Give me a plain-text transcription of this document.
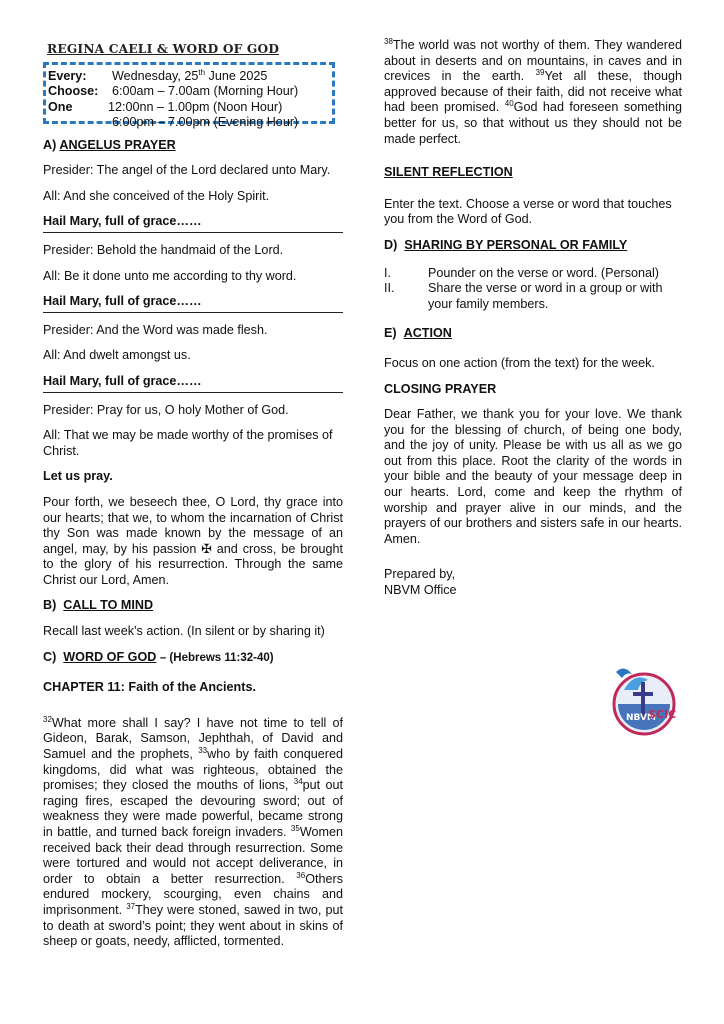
REGINA CAELI & WORD OF GOD
Every:	Wednesday, 25th June 2025
Choose:	6:00am – 7.00am (Morning Hour)
One	12:00nn – 1.00pm (Noon Hour)
6:00pm – 7.00pm (Evening Hour)

A) ANGELUS PRAYER

Presider: The angel of the Lord declared unto Mary.

All: And she conceived of the Holy Spirit.

Hail Mary, full of grace……

Presider: Behold the handmaid of the Lord.

All: Be it done unto me according to thy word.

Hail Mary, full of grace……

Presider: And the Word was made flesh.

All: And dwelt amongst us.

Hail Mary, full of grace……

Presider: Pray for us, O holy Mother of God.

All: That we may be made worthy of the promises of Christ.

Let us pray.

Pour forth, we beseech thee, O Lord, thy grace into our hearts; that we, to whom the incarnation of Christ thy Son was made known by the message of an angel, may, by his passion ✠ and cross, be brought to the glory of his resurrection. Through the same Christ our Lord, Amen.

B) CALL TO MIND

Recall last week’s action. (In silent or by sharing it)

C) WORD OF GOD – (Hebrews 11:32-40)

CHAPTER 11: Faith of the Ancients.

$^{32}$What more shall I say? I have not time to tell of Gideon, Barak, Samson, Jephthah, of David and Samuel and the prophets, $^{33}$who by faith conquered kingdoms, did what was righteous, obtained the promises; they closed the mouths of lions, $^{34}$put out raging fires, escaped the devouring sword; out of weakness they were made powerful, became strong in battle, and turned back foreign invaders. $^{35}$Women received back their dead through resurrection. Some were tortured and would not accept deliverance, in order to obtain a better resurrection. $^{36}$Others endured mockery, scourging, even chains and imprisonment. $^{37}$They were stoned, sawed in two, put to death at sword’s point; they went about in skins of sheep or goats, needy, afflicted, tormented.

$^{38}$The world was not worthy of them. They wandered about in deserts and on mountains, in caves and in crevices in the earth. $^{39}$Yet all these, though approved because of their faith, did not receive what had been promised. $^{40}$God had foreseen something better for us, so that without us they should not be made perfect.

SILENT REFLECTION

Enter the text. Choose a verse or word that touches you from the Word of God.

D) SHARING BY PERSONAL OR FAMILY

I.	Pounder on the verse or word. (Personal)
II.	Share the verse or word in a group or with your family members.

E) ACTION

Focus on one action (from the text) for the week.

CLOSING PRAYER

Dear Father, we thank you for your love. We thank you for the blessing of church, of being one body, and the joy of unity. Please be with us all as we go out from this place. Root the clarity of the words in your bible and the beauty of your message deep in our hearts. Lord, come and keep the rhythm of worship and prayer alive in our minds, and the prayers of our brothers and sisters safe in our hearts. Amen.

Prepared by,

NBVM Office

NBVM
SCIC
